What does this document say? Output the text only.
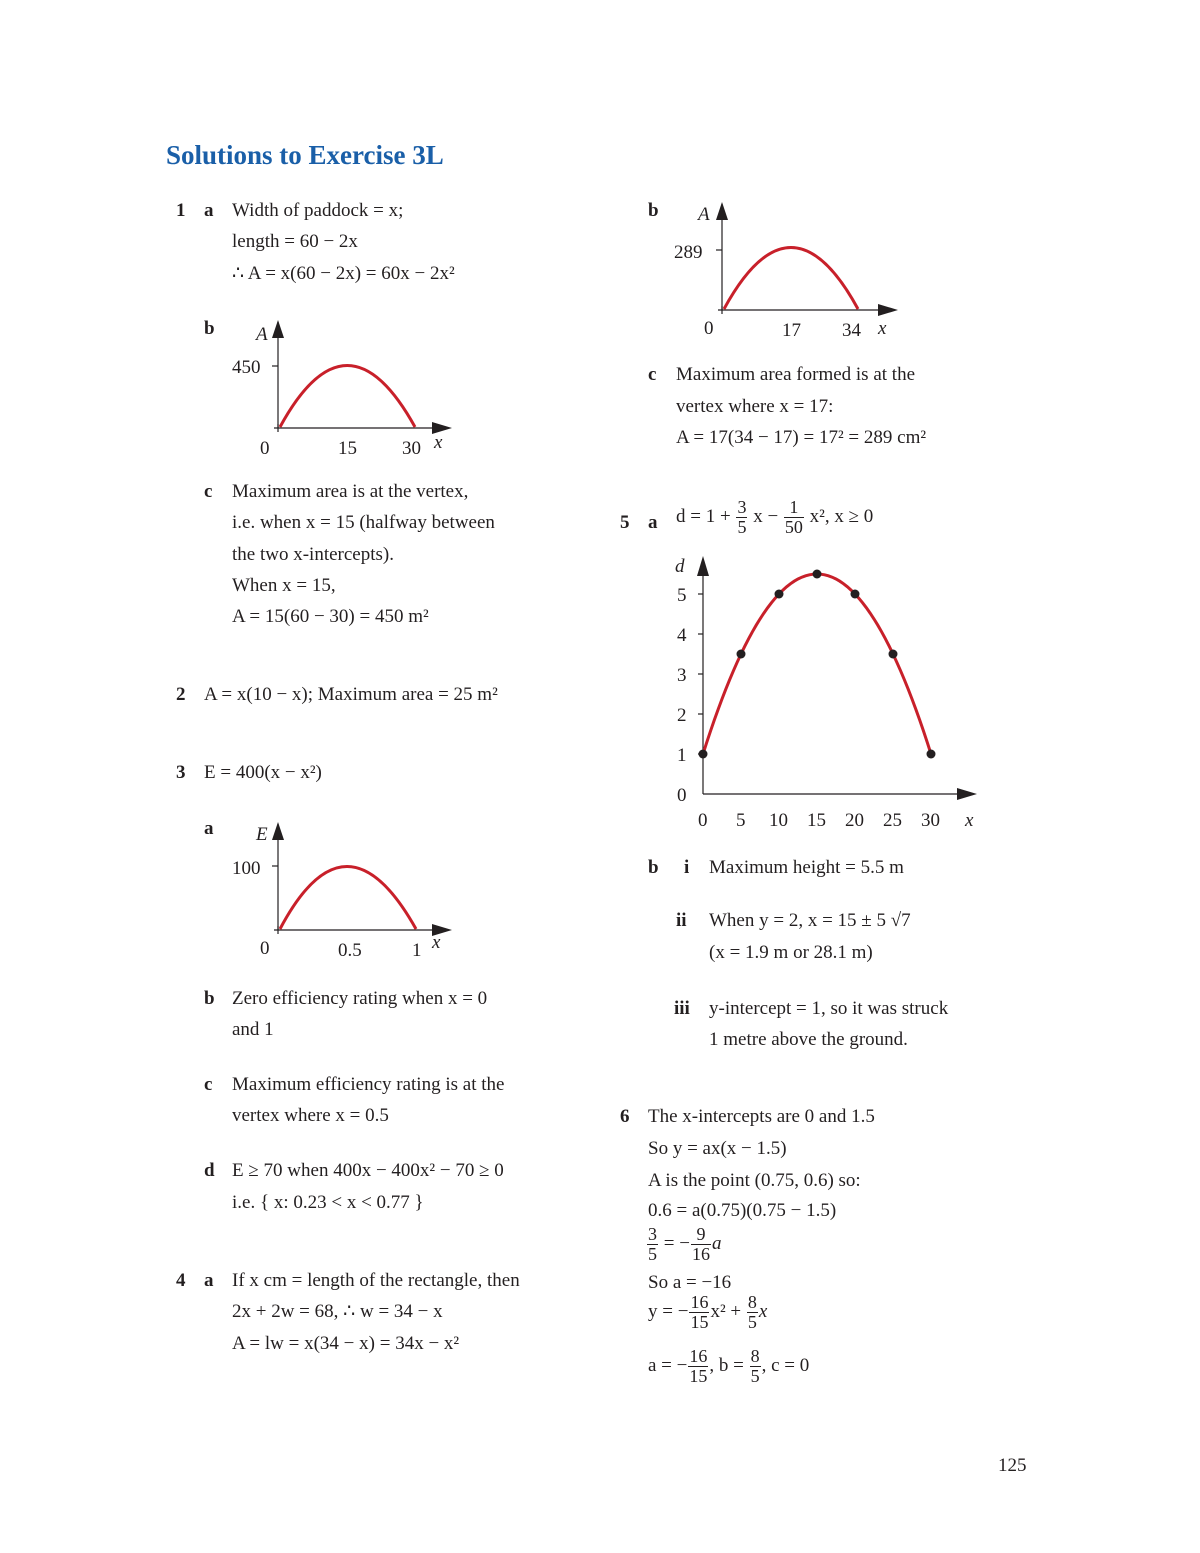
Solutions to Exercise 3L
1 a Width of paddock = x;
length = 60 − 2x
∴ A = x(60 − 2x) = 60x − 2x²
b A
450
0	15 30 x
c Maximum area is at the vertex,
i.e. when x = 15 (halfway between
the two x-intercepts).
When x = 15,
A = 15(60 − 30) = 450 m²
2 A = x(10 − x); Maximum area = 25 m²
3 E = 400(x − x²)
a E
100
0	0.5	1 x
b Zero efficiency rating when x = 0
and 1
c Maximum efficiency rating is at the
vertex where x = 0.5
d E ≥ 70 when 400x − 400x² − 70 ≥ 0
i.e. { x: 0.23 < x < 0.77 }
4 a If x cm = length of the rectangle, then
2x + 2w = 68, ∴ w = 34 − x
A = lw = x(34 − x) = 34x − x²
b A
289
0	17 34 x
c Maximum area formed is at the
vertex where x = 17:
A = 17(34 − 17) = 17² = 289 cm²
5 a $d = 1 + \frac{3}{5}$ $x - \frac{1}{50} x^2$, x ≥ 0
0
1
2
3
4
5
0 5 10 15 20 25 30
d
x
b i Maximum height = 5.5 m
ii When y = 2, x = 15 ± 5 √7
(x = 1.9 m or 28.1 m)
iii y-intercept = 1, so it was struck
1 metre above the ground.
6 The x-intercepts are 0 and 1.5
So y = ax(x − 1.5)
A is the point (0.75, 0.6) so:
0.6 = a(0.75)(0.75 − 1.5)
$\frac{3}{5}$ = − $\frac{9}{16}$ a
So a = −16
y = − $\frac{16}{15} x^2 + \frac{8}{5}$ x
a = − $\frac{16}{15}$ , $b = \frac{8}{5}$ , c = 0
125
